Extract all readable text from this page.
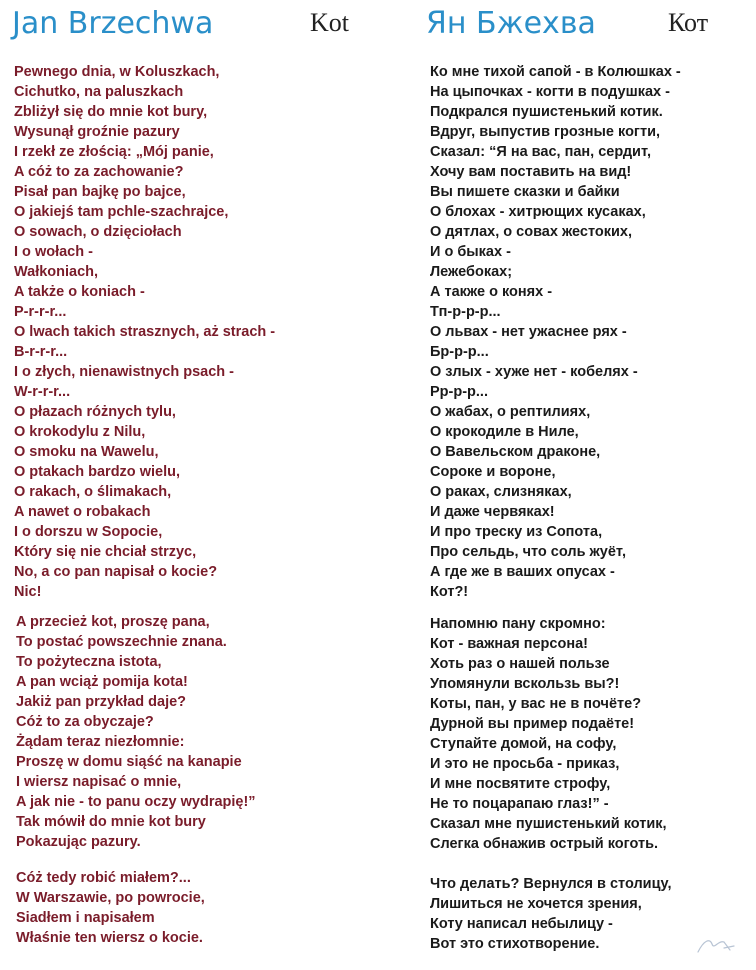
Jan Brzechwa	Kot
Pewnego dnia, w Koluszkach,
Cichutko, na paluszkach
Zbliżył się do mnie kot bury,
Wysunął groźnie pazury
I rzekł ze złością: „Mój panie,
A cóż to za zachowanie?
Pisał pan bajkę po bajce,
O jakiejś tam pchle-szachrajce,
O sowach, o dzięciołach
I o wołach -
Wałkoniach,
A także o koniach -
P-r-r-r...
O lwach takich strasznych, aż strach -
B-r-r-r...
I o złych, nienawistnych psach -
W-r-r-r...
O płazach różnych tylu,
O krokodylu z Nilu,
O smoku na Wawelu,
O ptakach bardzo wielu,
O rakach, o ślimakach,
A nawet o robakach
I o dorszu w Sopocie,
Który się nie chciał strzyc,
No, a co pan napisał o kocie?
Nic!
A przecież kot, proszę pana,
To postać powszechnie znana.
To pożyteczna istota,
A pan wciąż pomija kota!
Jakiż pan przykład daje?
Cóż to za obyczaje?
Żądam teraz niezłomnie:
Proszę w domu siąść na kanapie
I wiersz napisać o mnie,
A jak nie - to panu oczy wydrapię!”
Tak mówił do mnie kot bury
Pokazując pazury.
Cóż tedy robić miałem?...
W Warszawie, po powrocie,
Siadłem i napisałem
Właśnie ten wiersz o kocie.
Ян Бжехва	Кот
Ко мне тихой сапой - в Колюшках -
На цыпочках - когти в подушках -
Подкрался пушистенький котик.
Вдруг, выпустив грозные когти,
Сказал: “Я на вас, пан, сердит,
Хочу вам поставить на вид!
Вы пишете сказки и байки
О блохах - хитрющих кусаках,
О дятлах, о совах жестоких,
И о быках -
Лежебоках;
А также о конях -
Тп-р-р-р...
О львах - нет ужаснее рях -
Бр-р-р...
О злых - хуже нет - кобелях -
Рр-р-р...
О жабах, о рептилиях,
О крокодиле в Ниле,
О Вавельском драконе,
Сороке и вороне,
О раках, слизняках,
И даже червяках!
И про треску из Сопота,
Про сельдь, что соль жуёт,
А где же в ваших опусах -
Кот?!
Напомню пану скромно:
Кот - важная персона!
Хоть раз о нашей пользе
Упомянули вскользь вы?!
Коты, пан, у вас не в почёте?
Дурной вы пример подаёте!
Ступайте домой, на софу,
И это не просьба - приказ,
И мне посвятите строфу,
Не то поцарапаю глаз!” -
Сказал мне пушистенький котик,
Слегка обнажив острый коготь.
Что делать? Вернулся в столицу,
Лишиться не хочется зрения,
Коту написал небылицу -
Вот это стихотворение.
